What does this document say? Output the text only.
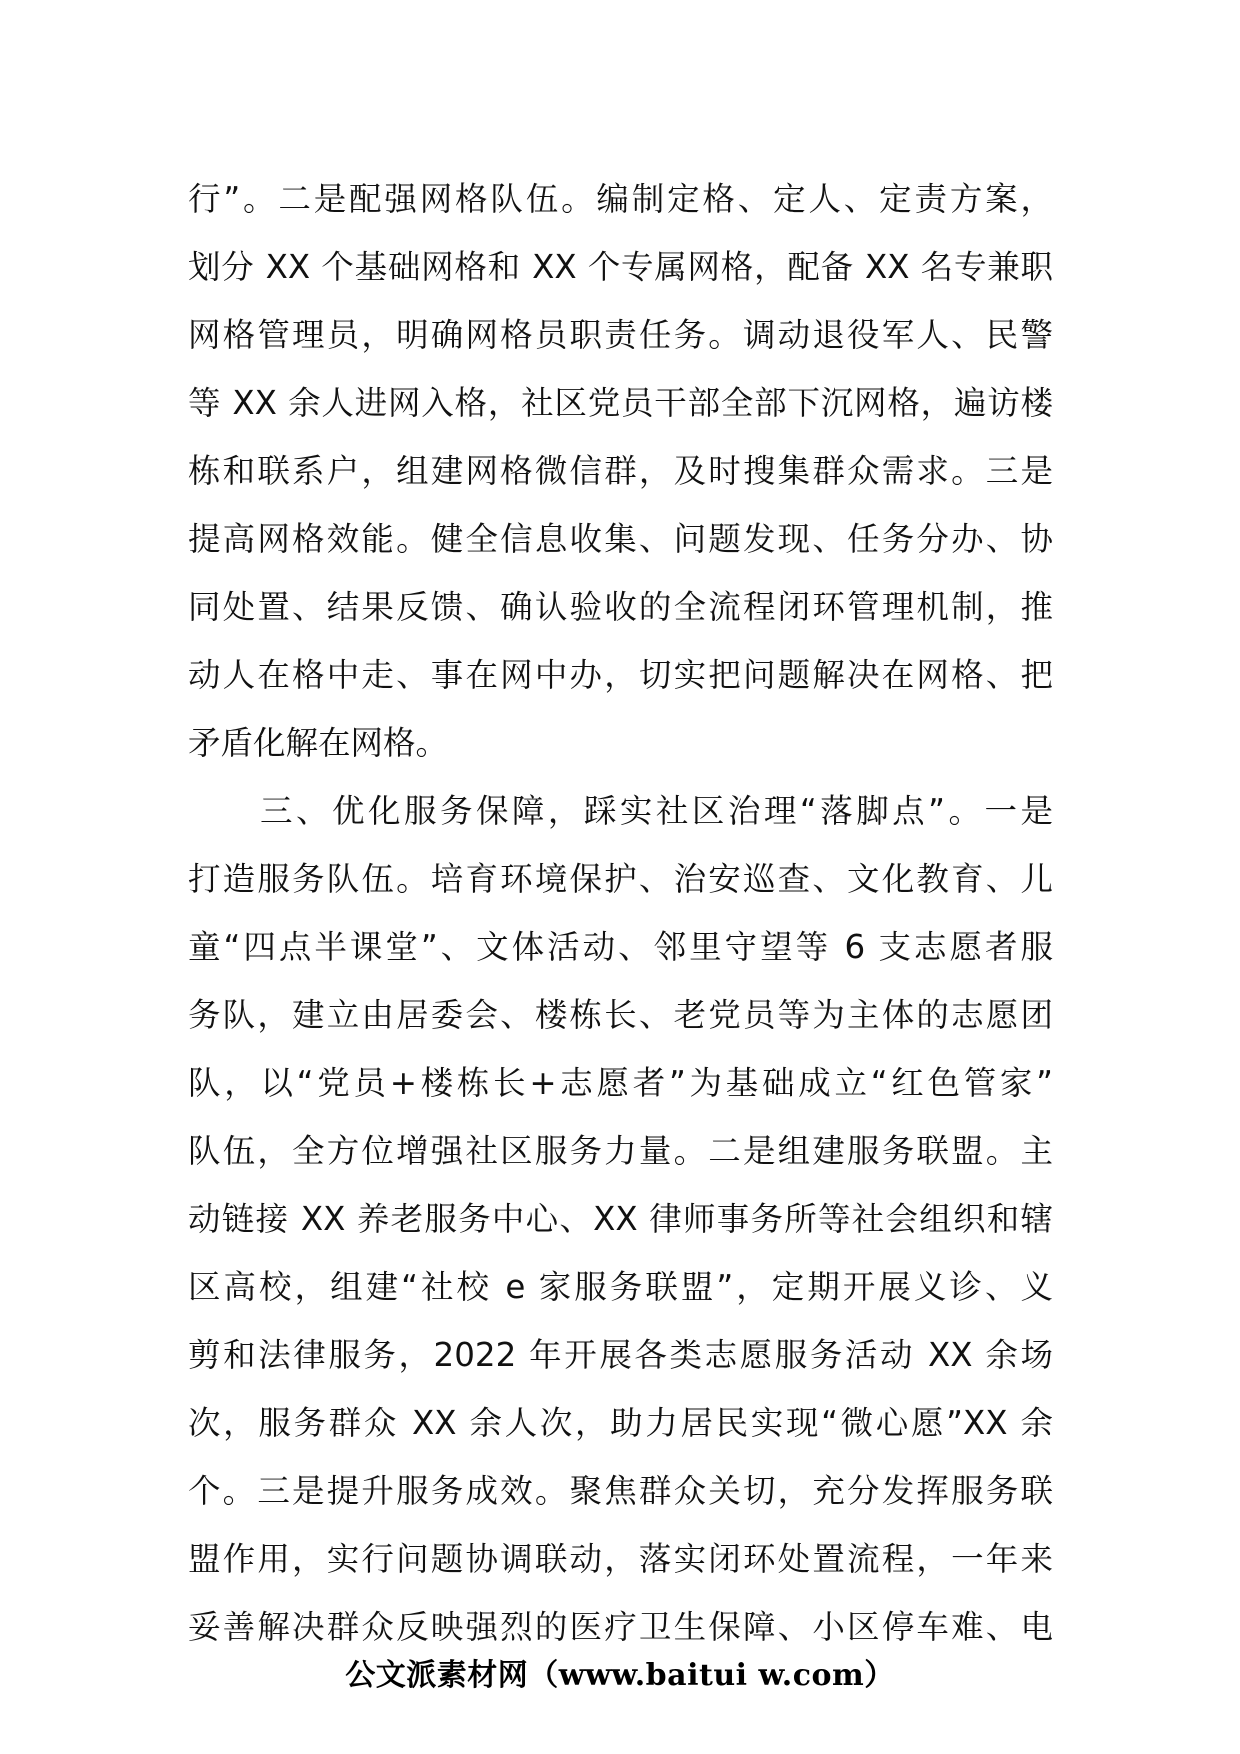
行”。二是配强网格队伍。编制定格、定人、定责方案，
划分 XX 个基础网格和 XX 个专属网格，配备 XX 名专兼职
网格管理员，明确网格员职责任务。调动退役军人、民警
等 XX 余人进网入格，社区党员干部全部下沉网格，遍访楼
栋和联系户，组建网格微信群，及时搜集群众需求。三是
提高网格效能。健全信息收集、问题发现、任务分办、协
同处置、结果反馈、确认验收的全流程闭环管理机制，推
动人在格中走、事在网中办，切实把问题解决在网格、把
矛盾化解在网格。
　　三、优化服务保障，踩实社区治理“落脚点”。一是
打造服务队伍。培育环境保护、治安巡查、文化教育、儿
童“四点半课堂”、文体活动、邻里守望等 6 支志愿者服
务队，建立由居委会、楼栋长、老党员等为主体的志愿团
队，以“党员+楼栋长+志愿者”为基础成立“红色管家”
队伍，全方位增强社区服务力量。二是组建服务联盟。主
动链接 XX 养老服务中心、XX 律师事务所等社会组织和辖
区高校，组建“社校 e 家服务联盟”，定期开展义诊、义
剪和法律服务，2022 年开展各类志愿服务活动 XX 余场
次，服务群众 XX 余人次，助力居民实现“微心愿”XX 余
个。三是提升服务成效。聚焦群众关切，充分发挥服务联
盟作用，实行问题协调联动，落实闭环处置流程，一年来
妥善解决群众反映强烈的医疗卫生保障、小区停车难、电
公文派素材网（www.baitui w.com）
